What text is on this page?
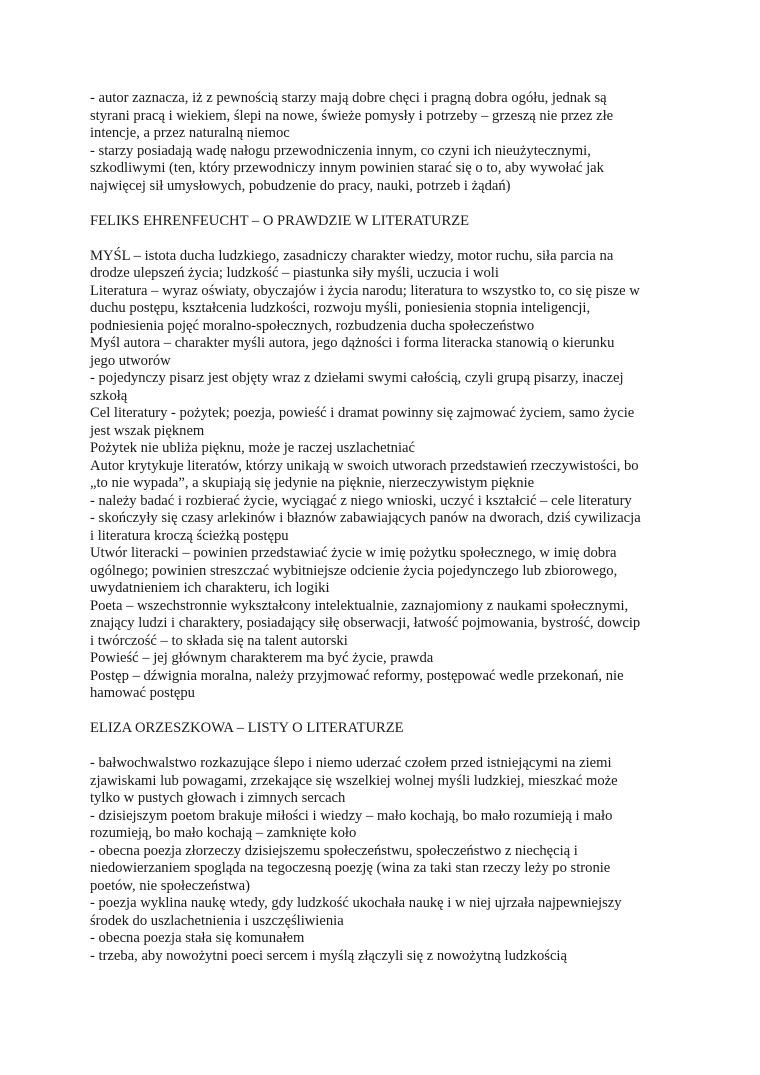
- autor zaznacza, iż z pewnością starzy mają dobre chęci i pragną dobra ogółu, jednak są
styrani pracą i wiekiem, ślepi na nowe, świeże pomysły i potrzeby – grzeszą nie przez złe
intencje, a przez naturalną niemoc
- starzy posiadają wadę nałogu przewodniczenia innym, co czyni ich nieużytecznymi,
szkodliwymi (ten, który przewodniczy innym powinien starać się o to, aby wywołać jak
najwięcej sił umysłowych, pobudzenie do pracy, nauki, potrzeb i żądań)
FELIKS EHRENFEUCHT – O PRAWDZIE W LITERATURZE
MYŚL – istota ducha ludzkiego, zasadniczy charakter wiedzy, motor ruchu, siła parcia na
drodze ulepszeń życia; ludzkość – piastunka siły myśli, uczucia i woli
Literatura – wyraz oświaty, obyczajów i życia narodu; literatura to wszystko to, co się pisze w
duchu postępu, kształcenia ludzkości, rozwoju myśli, poniesienia stopnia inteligencji,
podniesienia pojęć moralno-społecznych, rozbudzenia ducha społeczeństwo
Myśl autora – charakter myśli autora, jego dążności i forma literacka stanowią o kierunku
jego utworów
- pojedynczy pisarz jest objęty wraz z dziełami swymi całością, czyli grupą pisarzy, inaczej
szkołą
Cel literatury - pożytek; poezja, powieść i dramat powinny się zajmować życiem, samo życie
jest wszak pięknem
Pożytek nie ubliża pięknu, może je raczej uszlachetniać
Autor krytykuje literatów, którzy unikają w swoich utworach przedstawień rzeczywistości, bo
„to nie wypada”, a skupiają się jedynie na pięknie, nierzeczywistym pięknie
- należy badać i rozbierać życie, wyciągać z niego wnioski, uczyć i kształcić – cele literatury
- skończyły się czasy arlekinów i błaznów zabawiających panów na dworach, dziś cywilizacja
i literatura kroczą ścieżką postępu
Utwór literacki – powinien przedstawiać życie w imię pożytku społecznego, w imię dobra
ogólnego; powinien streszczać wybitniejsze odcienie życia pojedynczego lub zbiorowego,
uwydatnieniem ich charakteru, ich logiki
Poeta – wszechstronnie wykształcony intelektualnie, zaznajomiony z naukami społecznymi,
znający ludzi i charaktery, posiadający siłę obserwacji, łatwość pojmowania, bystrość, dowcip
i twórczość – to składa się na talent autorski
Powieść – jej głównym charakterem ma być życie, prawda
Postęp – dźwignia moralna, należy przyjmować reformy, postępować wedle przekonań, nie
hamować postępu
ELIZA ORZESZKOWA – LISTY O LITERATURZE
- bałwochwalstwo rozkazujące ślepo i niemo uderzać czołem przed istniejącymi na ziemi
zjawiskami lub powagami, zrzekające się wszelkiej wolnej myśli ludzkiej, mieszkać może
tylko w pustych głowach i zimnych sercach
- dzisiejszym poetom brakuje miłości i wiedzy – mało kochają, bo mało rozumieją i mało
rozumieją, bo mało kochają – zamknięte koło
- obecna poezja złorzeczy dzisiejszemu społeczeństwu, społeczeństwo z niechęcią i
niedowierzaniem spogląda na tegoczesną poezję (wina za taki stan rzeczy leży po stronie
poetów, nie społeczeństwa)
- poezja wyklina naukę wtedy, gdy ludzkość ukochała naukę i w niej ujrzała najpewniejszy
środek do uszlachetnienia i uszczęśliwienia
- obecna poezja stała się komunałem
- trzeba, aby nowożytni poeci sercem i myślą złączyli się z nowożytną ludzkością
